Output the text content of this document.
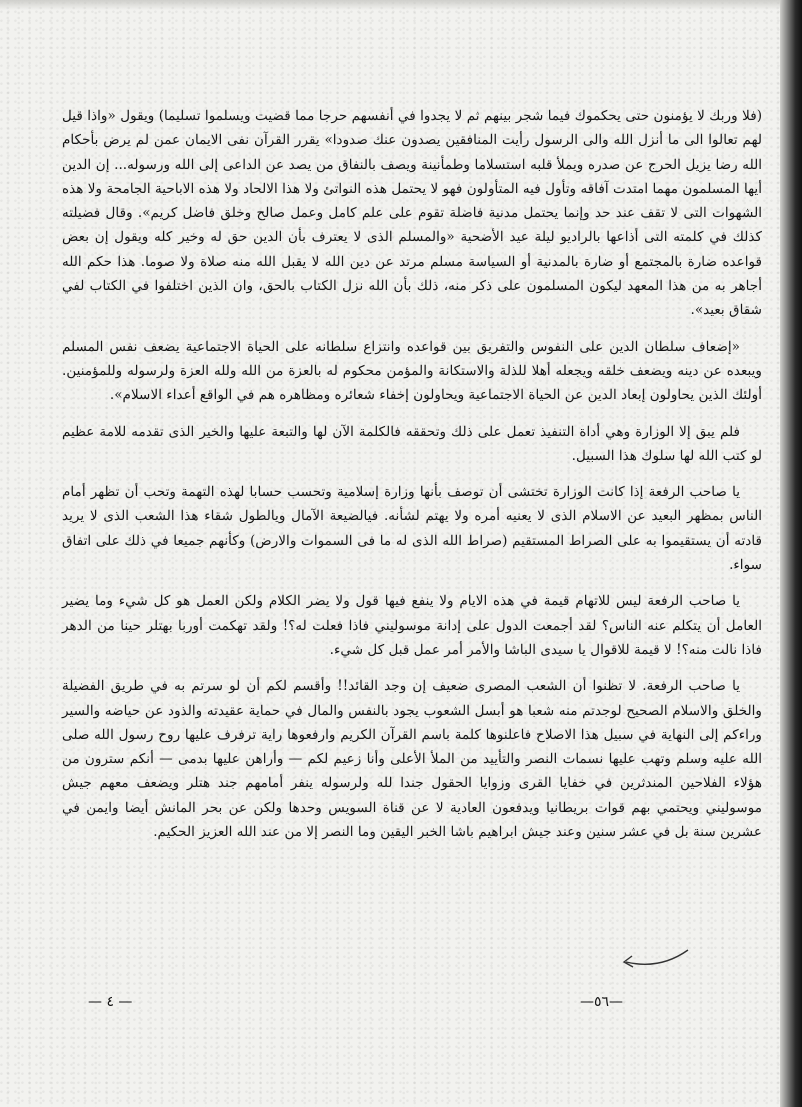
(فلا وربك لا يؤمنون حتى يحكموك فيما شجر بينهم ثم لا يجدوا في أنفسهم حرجا مما قضيت ويسلموا تسليما) ويقول «واذا قيل لهم تعالوا الى ما أنزل الله والى الرسول رأيت المنافقين يصدون عنك صدودا» يقرر القرآن نفى الايمان عمن لم يرض بأحكام الله رضا يزيل الحرج عن صدره ويملأ قلبه استسلاما وطمأنينة ويصف بالنفاق من يصد عن الداعى إلى الله ورسوله... إن الدين أيها المسلمون مهما امتدت آفاقه وتأول فيه المتأولون فهو لا يحتمل هذه النواتئ ولا هذا الالحاد ولا هذه الاباحية الجامحة ولا هذه الشهوات التى لا تقف عند حد وإنما يحتمل مدنية فاضلة تقوم على علم كامل وعمل صالح وخلق فاضل كريم». وقال فضيلته كذلك في كلمته التى أذاعها بالراديو ليلة عيد الأضحية «والمسلم الذى لا يعترف بأن الدين حق له وخير كله ويقول إن بعض قواعده ضارة بالمجتمع أو ضارة بالمدنية أو السياسة مسلم مرتد عن دين الله لا يقبل الله منه صلاة ولا صوما. هذا حكم الله أجاهر به من هذا المعهد ليكون المسلمون على ذكر منه، ذلك بأن الله نزل الكتاب بالحق، وان الذين اختلفوا في الكتاب لفي شقاق بعيد».

«إضعاف سلطان الدين على النفوس والتفريق بين قواعده وانتزاع سلطانه على الحياة الاجتماعية يضعف نفس المسلم ويبعده عن دينه ويضعف خلقه ويجعله أهلا للذلة والاستكانة والمؤمن محكوم له بالعزة من الله ولله العزة ولرسوله وللمؤمنين. أولئك الذين يحاولون إبعاد الدين عن الحياة الاجتماعية ويحاولون إخفاء شعائره ومظاهره هم في الواقع أعداء الاسلام».

فلم يبق إلا الوزارة وهي أداة التنفيذ تعمل على ذلك وتحققه فالكلمة الآن لها والتبعة عليها والخير الذى تقدمه للامة عظيم لو كتب الله لها سلوك هذا السبيل.

يا صاحب الرفعة إذا كانت الوزارة تختشى أن توصف بأنها وزارة إسلامية وتحسب حسابا لهذه التهمة وتحب أن تظهر أمام الناس بمظهر البعيد عن الاسلام الذى لا يعنيه أمره ولا يهتم لشأنه. فيالضيعة الآمال ويالطول شقاء هذا الشعب الذى لا يريد قادته أن يستقيموا به على الصراط المستقيم (صراط الله الذى له ما فى السموات والارض) وكأنهم جميعا في ذلك على اتفاق سواء.

يا صاحب الرفعة ليس للاتهام قيمة في هذه الايام ولا ينفع فيها قول ولا يضر الكلام ولكن العمل هو كل شيء وما يضير العامل أن يتكلم عنه الناس؟ لقد أجمعت الدول على إدانة موسوليني فاذا فعلت له؟! ولقد تهكمت أوربا بهتلر حينا من الدهر فاذا نالت منه؟! لا قيمة للاقوال يا سيدى الباشا والأمر أمر عمل قبل كل شيء.

يا صاحب الرفعة. لا تظنوا أن الشعب المصرى ضعيف إن وجد القائد!! وأقسم لكم أن لو سرتم به في طريق الفضيلة والخلق والاسلام الصحيح لوجدتم منه شعبا هو أبسل الشعوب يجود بالنفس والمال في حماية عقيدته والذود عن حياضه والسير وراءكم إلى النهاية في سبيل هذا الاصلاح فاعلنوها كلمة باسم القرآن الكريم وارفعوها راية ترفرف عليها روح رسول الله صلى الله عليه وسلم وتهب عليها نسمات النصر والتأييد من الملأ الأعلى وأنا زعيم لكم — وأراهن عليها بدمى — أنكم سترون من هؤلاء الفلاحين المندثرين في خفايا القرى وزوايا الحقول جندا لله ولرسوله ينفر أمامهم جند هتلر ويضعف معهم جيش موسوليني ويحتمي بهم قوات بريطانيا ويدفعون العادية لا عن قناة السويس وحدها ولكن عن بحر المانش أيضا وايمن في عشرين سنة بل في عشر سنين وعند جيش ابراهيم باشا الخبر اليقين وما النصر إلا من عند الله العزيز الحكيم.

— ٤ —	—٥٦—
